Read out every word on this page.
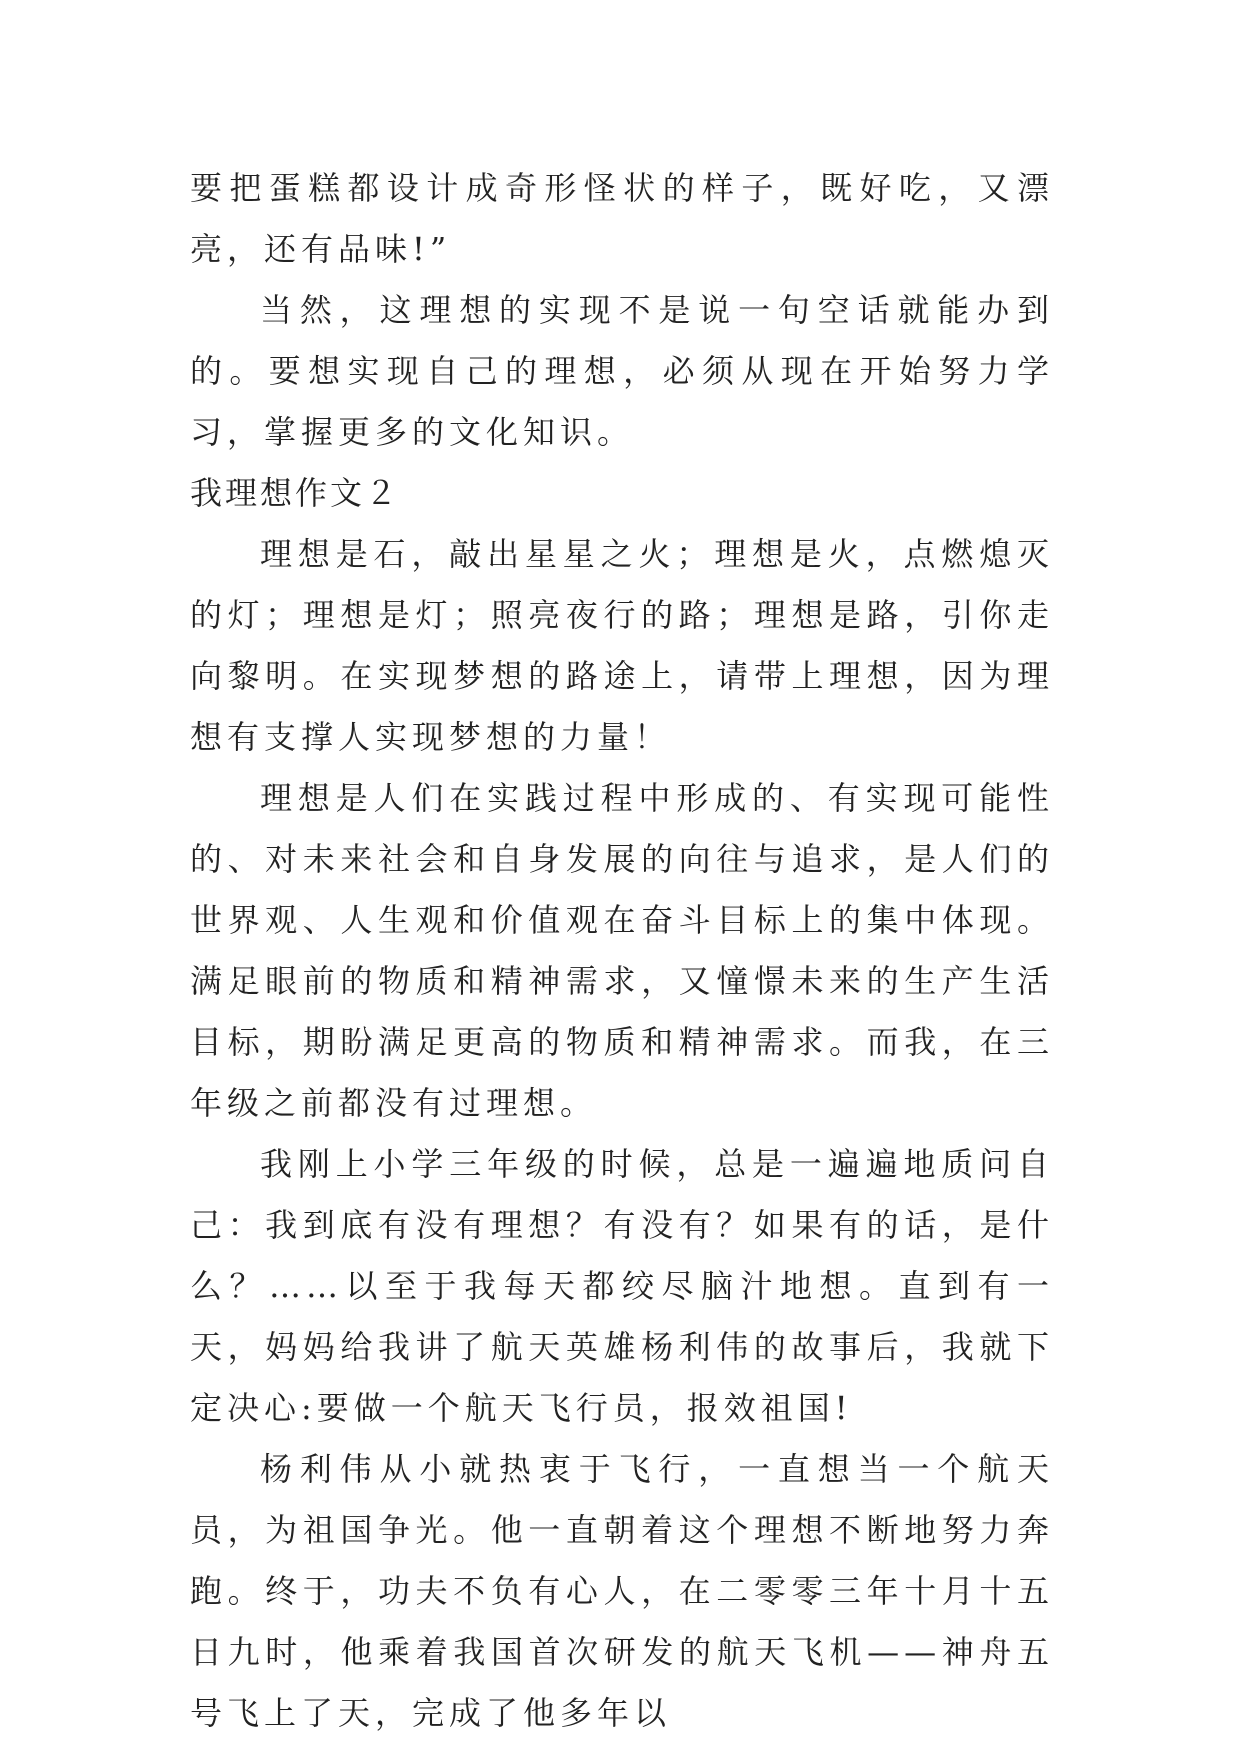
要把蛋糕都设计成奇形怪状的样子，既好吃，又漂亮，还有品味!”

当然，这理想的实现不是说一句空话就能办到的。要想实现自己的理想，必须从现在开始努力学习，掌握更多的文化知识。

我理想作文２

理想是石，敲出星星之火；理想是火，点燃熄灭的灯；理想是灯；照亮夜行的路；理想是路，引你走向黎明。在实现梦想的路途上，请带上理想，因为理想有支撑人实现梦想的力量！

理想是人们在实践过程中形成的、有实现可能性的、对未来社会和自身发展的向往与追求，是人们的世界观、人生观和价值观在奋斗目标上的集中体现。满足眼前的物质和精神需求，又憧憬未来的生产生活目标，期盼满足更高的物质和精神需求。而我，在三年级之前都没有过理想。

我刚上小学三年级的时候，总是一遍遍地质问自己：我到底有没有理想？有没有？如果有的话，是什么？……以至于我每天都绞尽脑汁地想。直到有一天，妈妈给我讲了航天英雄杨利伟的故事后，我就下定决心:要做一个航天飞行员，报效祖国!

杨利伟从小就热衷于飞行，一直想当一个航天员，为祖国争光。他一直朝着这个理想不断地努力奔跑。终于，功夫不负有心人，在二零零三年十月十五日九时，他乘着我国首次研发的航天飞机——神舟五号飞上了天，完成了他多年以
